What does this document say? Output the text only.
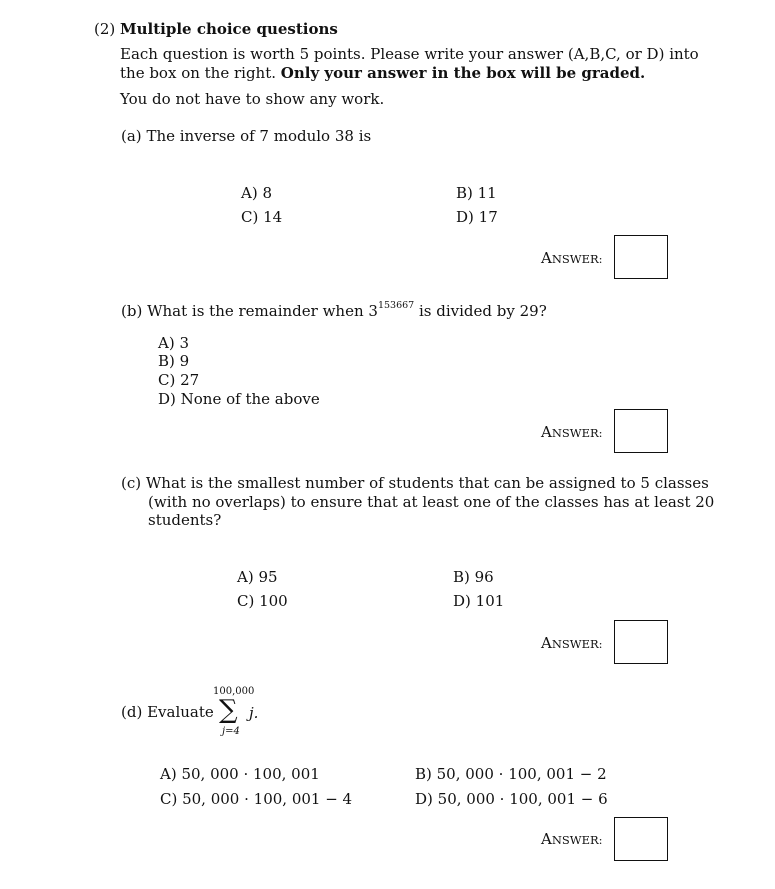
(2) Multiple choice questions
Each question is worth 5 points. Please write your answer (A,B,C, or D) into
the box on the right. Only your answer in the box will be graded.
You do not have to show any work.
(a) The inverse of 7 modulo 38 is
A) 8	B) 11
C) 14	D) 17
ANSWER:
(b) What is the remainder when $3^{153667}$ is divided by 29?
A) 3
B) 9
C) 27
D) None of the above
ANSWER:
(c) What is the smallest number of students that can be assigned to 5 classes
(with no overlaps) to ensure that at least one of the classes has at least 20
students?
A) 95	B) 96
C) 100	D) 101
ANSWER:
(d) Evaluate
100,000
∑
j=4
j.
A) 50, 000 · 100, 001	B) 50, 000 · 100, 001 − 2
C) 50, 000 · 100, 001 − 4	D) 50, 000 · 100, 001 − 6
ANSWER:
